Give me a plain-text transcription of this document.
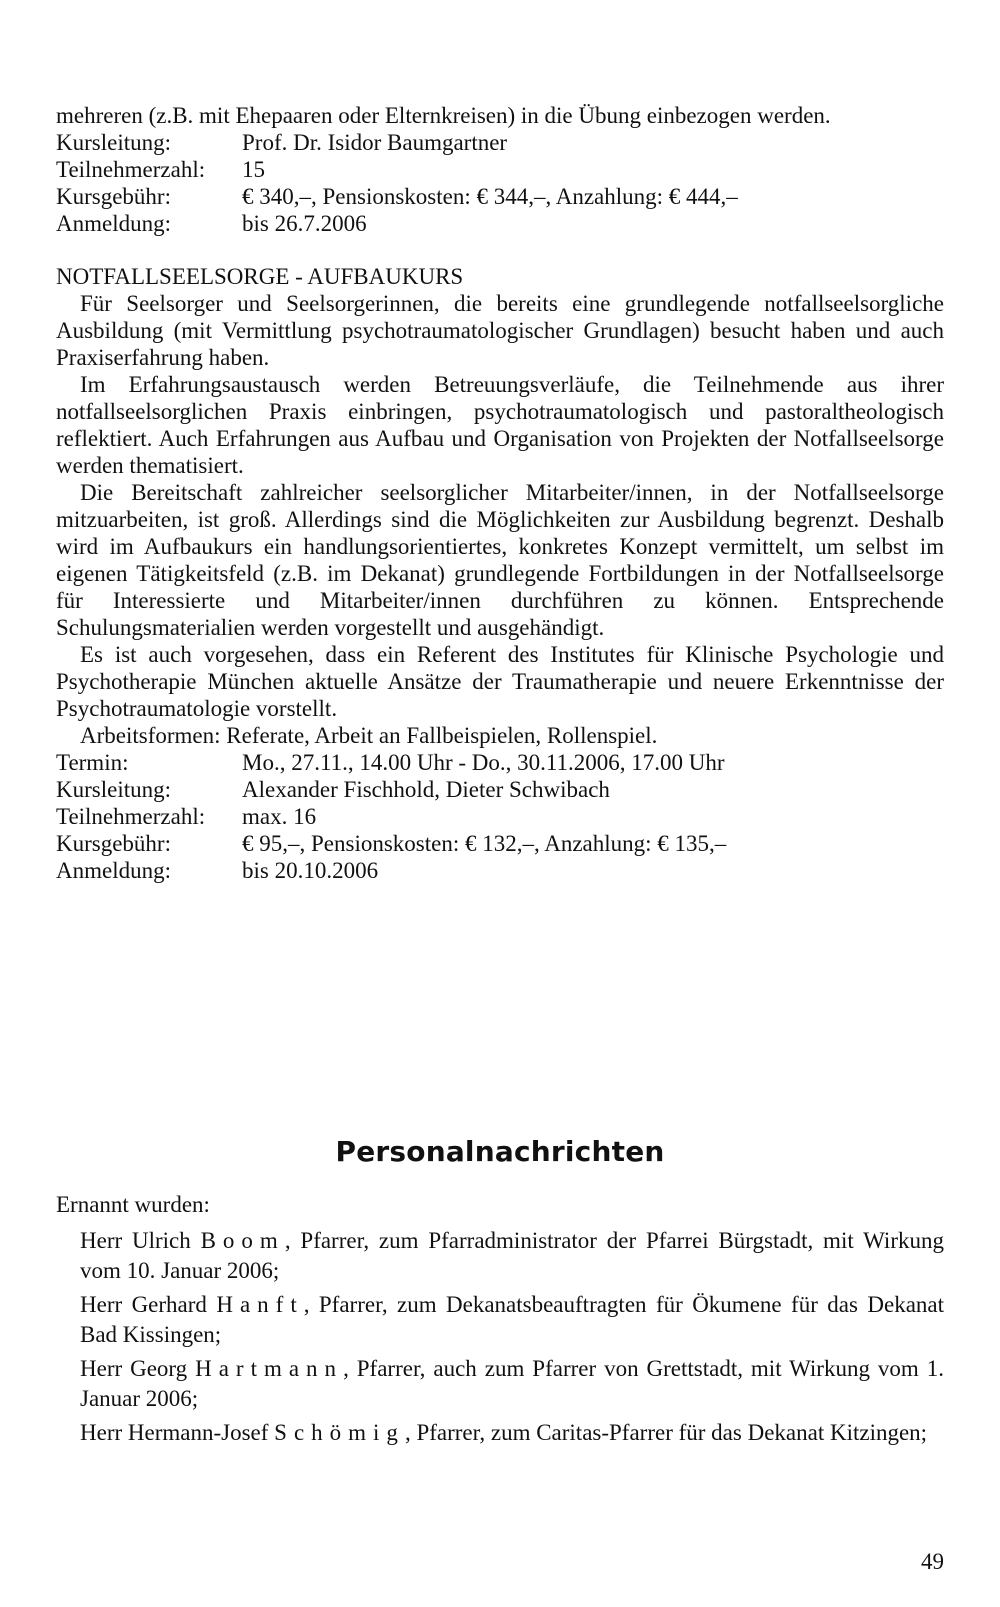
mehreren (z.B. mit Ehepaaren oder Elternkreisen) in die Übung einbezogen werden.
Kursleitung:	Prof. Dr. Isidor Baumgartner
Teilnehmerzahl:	15
Kursgebühr:	€ 340,–, Pensionskosten: € 344,–, Anzahlung: € 444,–
Anmeldung:	bis 26.7.2006
NOTFALLSEELSORGE - AUFBAUKURS
Für Seelsorger und Seelsorgerinnen, die bereits eine grundlegende notfallseelsorgliche Ausbildung (mit Vermittlung psychotraumatologischer Grundlagen) besucht haben und auch Praxiserfahrung haben.
Im Erfahrungsaustausch werden Betreuungsverläufe, die Teilnehmende aus ihrer notfallseelsorglichen Praxis einbringen, psychotraumatologisch und pastoraltheologisch reflektiert. Auch Erfahrungen aus Aufbau und Organisation von Projekten der Notfallseelsorge werden thematisiert.
Die Bereitschaft zahlreicher seelsorglicher Mitarbeiter/innen, in der Notfallseelsorge mitzuarbeiten, ist groß. Allerdings sind die Möglichkeiten zur Ausbildung begrenzt. Deshalb wird im Aufbaukurs ein handlungsorientiertes, konkretes Konzept vermittelt, um selbst im eigenen Tätigkeitsfeld (z.B. im Dekanat) grundlegende Fortbildungen in der Notfallseelsorge für Interessierte und Mitarbeiter/innen durchführen zu können. Entsprechende Schulungsmaterialien werden vorgestellt und ausgehändigt.
Es ist auch vorgesehen, dass ein Referent des Institutes für Klinische Psychologie und Psychotherapie München aktuelle Ansätze der Traumatherapie und neuere Erkenntnisse der Psychotraumatologie vorstellt.
Arbeitsformen: Referate, Arbeit an Fallbeispielen, Rollenspiel.
Termin:	Mo., 27.11., 14.00 Uhr - Do., 30.11.2006, 17.00 Uhr
Kursleitung:	Alexander Fischhold, Dieter Schwibach
Teilnehmerzahl:	max. 16
Kursgebühr:	€ 95,–, Pensionskosten: € 132,–, Anzahlung: € 135,–
Anmeldung:	bis 20.10.2006
Personalnachrichten
Ernannt wurden:
Herr Ulrich Boom, Pfarrer, zum Pfarradministrator der Pfarrei Bürgstadt, mit Wirkung vom 10. Januar 2006;
Herr Gerhard Hanft, Pfarrer, zum Dekanatsbeauftragten für Ökumene für das Dekanat Bad Kissingen;
Herr Georg Hartmann, Pfarrer, auch zum Pfarrer von Grettstadt, mit Wirkung vom 1. Januar 2006;
Herr Hermann-Josef Schömig, Pfarrer, zum Caritas-Pfarrer für das Dekanat Kitzingen;
49
